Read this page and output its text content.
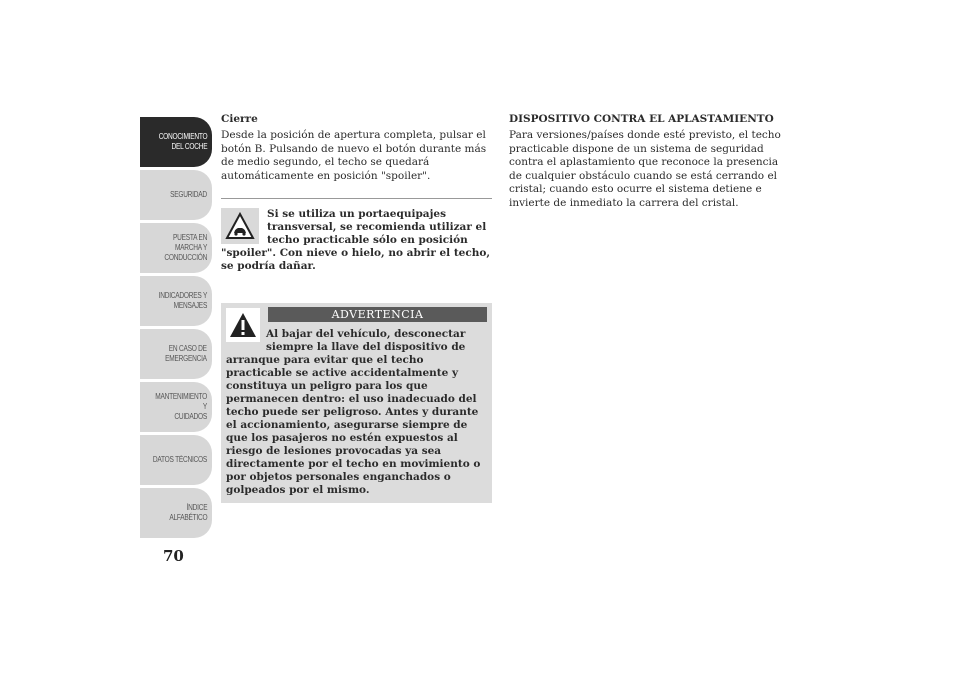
CONOCIMIENTO
DEL COCHE
SEGURIDAD
PUESTA EN
MARCHA Y
CONDUCCIÓN
INDICADORES Y
MENSAJES
EN CASO DE
EMERGENCIA
MANTENIMIENTO Y
CUIDADOS
DATOS TÉCNICOS
ÍNDICE
ALFABÉTICO
70
Cierre

Desde la posición de apertura completa, pulsar el botón B. Pulsando de nuevo el botón durante más de medio segundo, el techo se quedará automáticamente en posición "spoiler".

Si se utiliza un portaequipajes transversal, se recomienda utilizar el techo practicable sólo en posición "spoiler". Con nieve o hielo, no abrir el techo, se podría dañar.
ADVERTENCIA

Al bajar del vehículo, desconectar siempre la llave del dispositivo de arranque para evitar que el techo practicable se active accidentalmente y constituya un peligro para los que permanecen dentro: el uso inadecuado del techo puede ser peligroso. Antes y durante el accionamiento, asegurarse siempre de que los pasajeros no estén expuestos al riesgo de lesiones provocadas ya sea directamente por el techo en movimiento o por objetos personales enganchados o golpeados por el mismo.

DISPOSITIVO CONTRA EL APLASTAMIENTO

Para versiones/países donde esté previsto, el techo practicable dispone de un sistema de seguridad contra el aplastamiento que reconoce la presencia de cualquier obstáculo cuando se está cerrando el cristal; cuando esto ocurre el sistema detiene e invierte de inmediato la carrera del cristal.
